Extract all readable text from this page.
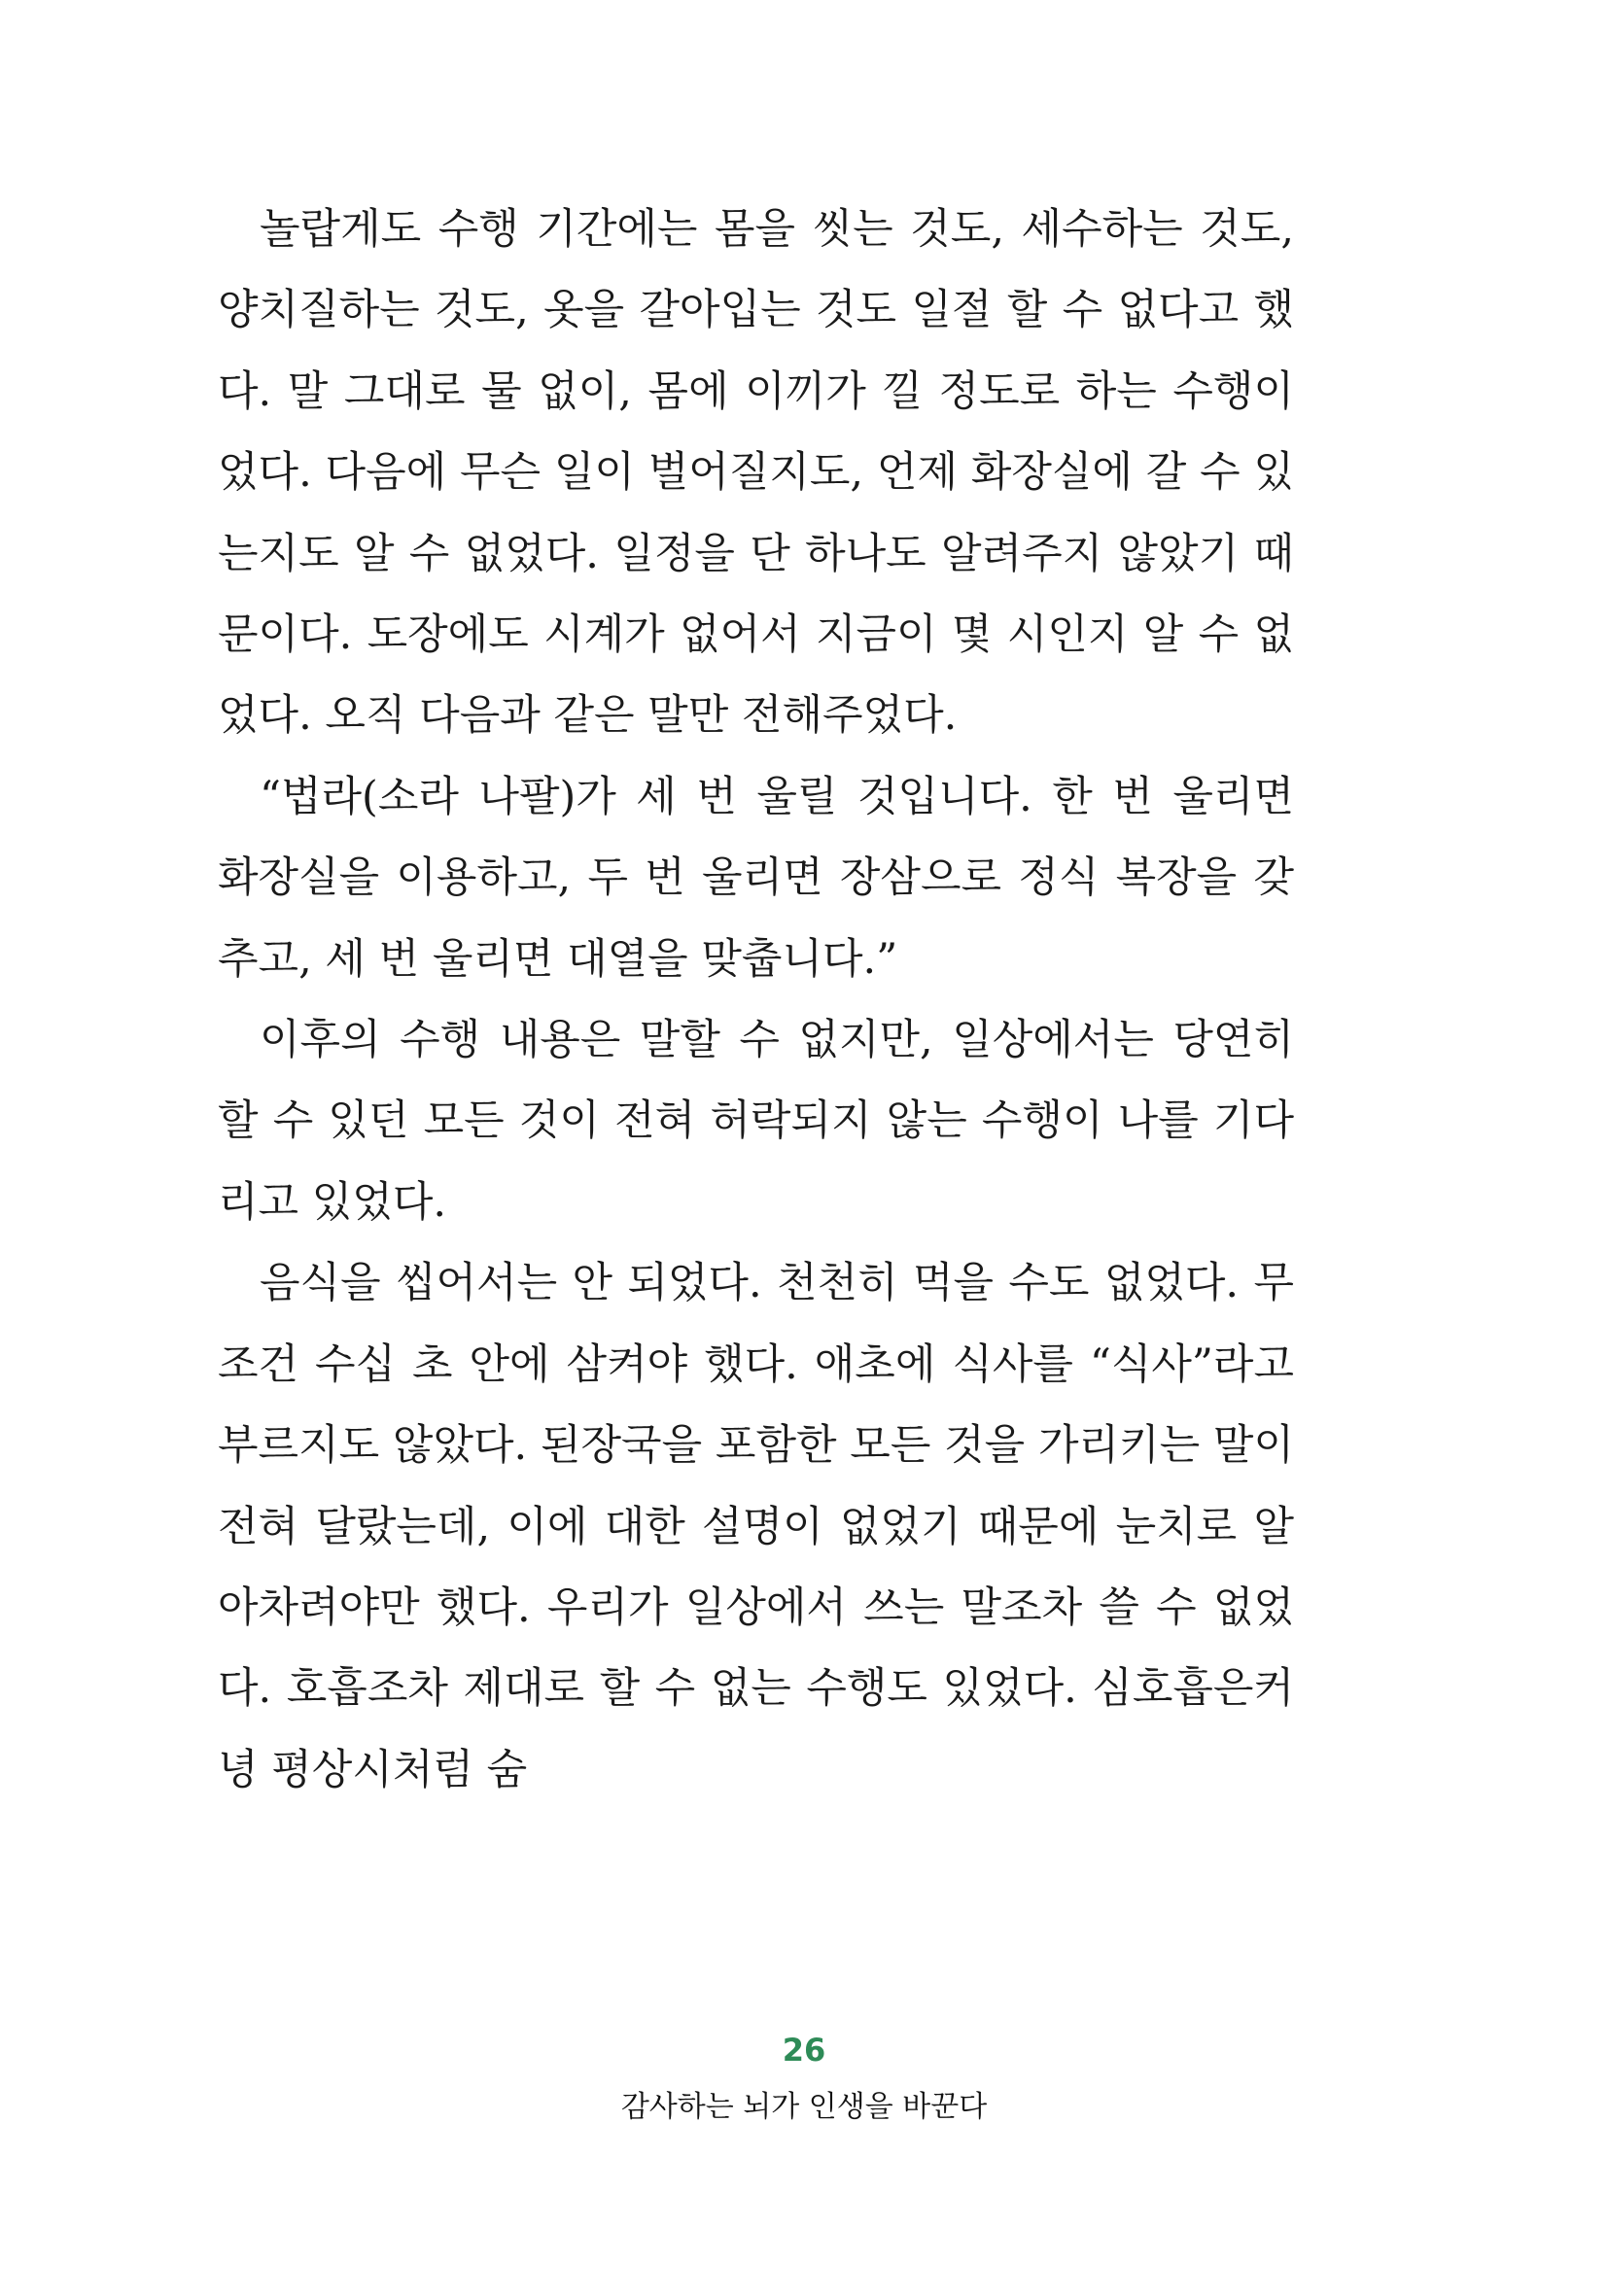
놀랍게도 수행 기간에는 몸을 씻는 것도, 세수하는 것도, 양치질하는 것도, 옷을 갈아입는 것도 일절 할 수 없다고 했다. 말 그대로 물 없이, 몸에 이끼가 낄 정도로 하는 수행이었다. 다음에 무슨 일이 벌어질지도, 언제 화장실에 갈 수 있는지도 알 수 없었다. 일정을 단 하나도 알려주지 않았기 때문이다. 도장에도 시계가 없어서 지금이 몇 시인지 알 수 없었다. 오직 다음과 같은 말만 전해주었다.

“법라(소라 나팔)가 세 번 울릴 것입니다. 한 번 울리면 화장실을 이용하고, 두 번 울리면 장삼으로 정식 복장을 갖추고, 세 번 울리면 대열을 맞춥니다.”

이후의 수행 내용은 말할 수 없지만, 일상에서는 당연히 할 수 있던 모든 것이 전혀 허락되지 않는 수행이 나를 기다리고 있었다.

음식을 씹어서는 안 되었다. 천천히 먹을 수도 없었다. 무조건 수십 초 안에 삼켜야 했다. 애초에 식사를 “식사”라고 부르지도 않았다. 된장국을 포함한 모든 것을 가리키는 말이 전혀 달랐는데, 이에 대한 설명이 없었기 때문에 눈치로 알아차려야만 했다. 우리가 일상에서 쓰는 말조차 쓸 수 없었다. 호흡조차 제대로 할 수 없는 수행도 있었다. 심호흡은커녕 평상시처럼 숨

26
감사하는 뇌가 인생을 바꾼다
